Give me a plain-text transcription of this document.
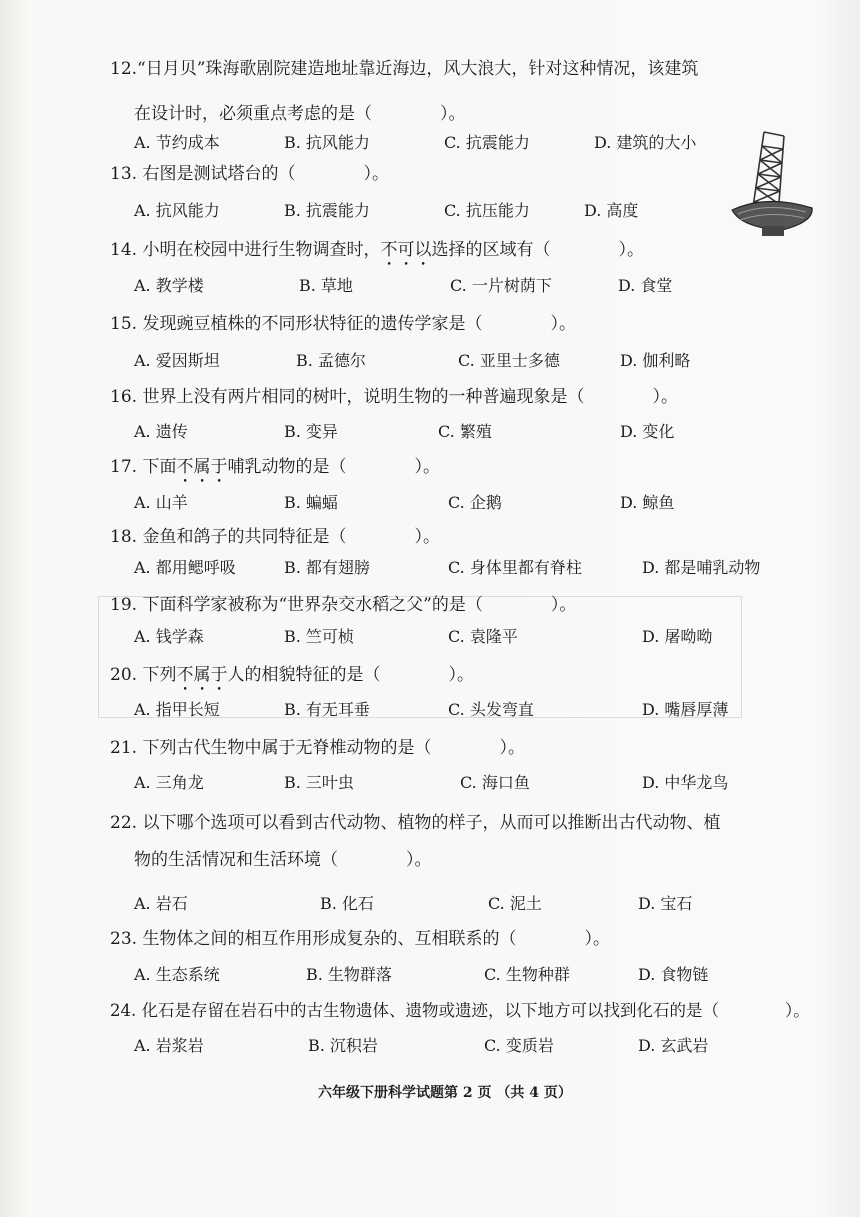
12.“日月贝”珠海歌剧院建造地址靠近海边，风大浪大，针对这种情况，该建筑
在设计时，必须重点考虑的是（　　　　）。
A. 节约成本	B. 抗风能力	C. 抗震能力	D. 建筑的大小
13. 右图是测试塔台的（　　　　）。
A. 抗风能力	B. 抗震能力	C. 抗压能力	D. 高度
14. 小明在校园中进行生物调查时，不可以选择的区域有（　　　　）。
A. 教学楼	B. 草地	C. 一片树荫下	D. 食堂
15. 发现豌豆植株的不同形状特征的遗传学家是（　　　　）。
A. 爱因斯坦	B. 孟德尔	C. 亚里士多德	D. 伽利略
16. 世界上没有两片相同的树叶，说明生物的一种普遍现象是（　　　　）。
A. 遗传	B. 变异	C. 繁殖	D. 变化
17. 下面不属于哺乳动物的是（　　　　）。
A. 山羊	B. 蝙蝠	C. 企鹅	D. 鲸鱼
18. 金鱼和鸽子的共同特征是（　　　　）。
A. 都用鳃呼吸	B. 都有翅膀	C. 身体里都有脊柱	D. 都是哺乳动物
19. 下面科学家被称为“世界杂交水稻之父”的是（　　　　）。
A. 钱学森	B. 竺可桢	C. 袁隆平	D. 屠呦呦
20. 下列不属于人的相貌特征的是（　　　　）。
A. 指甲长短	B. 有无耳垂	C. 头发弯直	D. 嘴唇厚薄
21. 下列古代生物中属于无脊椎动物的是（　　　　）。
A. 三角龙	B. 三叶虫	C. 海口鱼	D. 中华龙鸟
22. 以下哪个选项可以看到古代动物、植物的样子，从而可以推断出古代动物、植
物的生活情况和生活环境（　　　　）。
A. 岩石	B. 化石	C. 泥土	D. 宝石
23. 生物体之间的相互作用形成复杂的、互相联系的（　　　　）。
A. 生态系统	B. 生物群落	C. 生物种群	D. 食物链
24. 化石是存留在岩石中的古生物遗体、遗物或遗迹，以下地方可以找到化石的是（　　　　）。
A. 岩浆岩	B. 沉积岩	C. 变质岩	D. 玄武岩
六年级下册科学试题第 2 页 （共 4 页）
